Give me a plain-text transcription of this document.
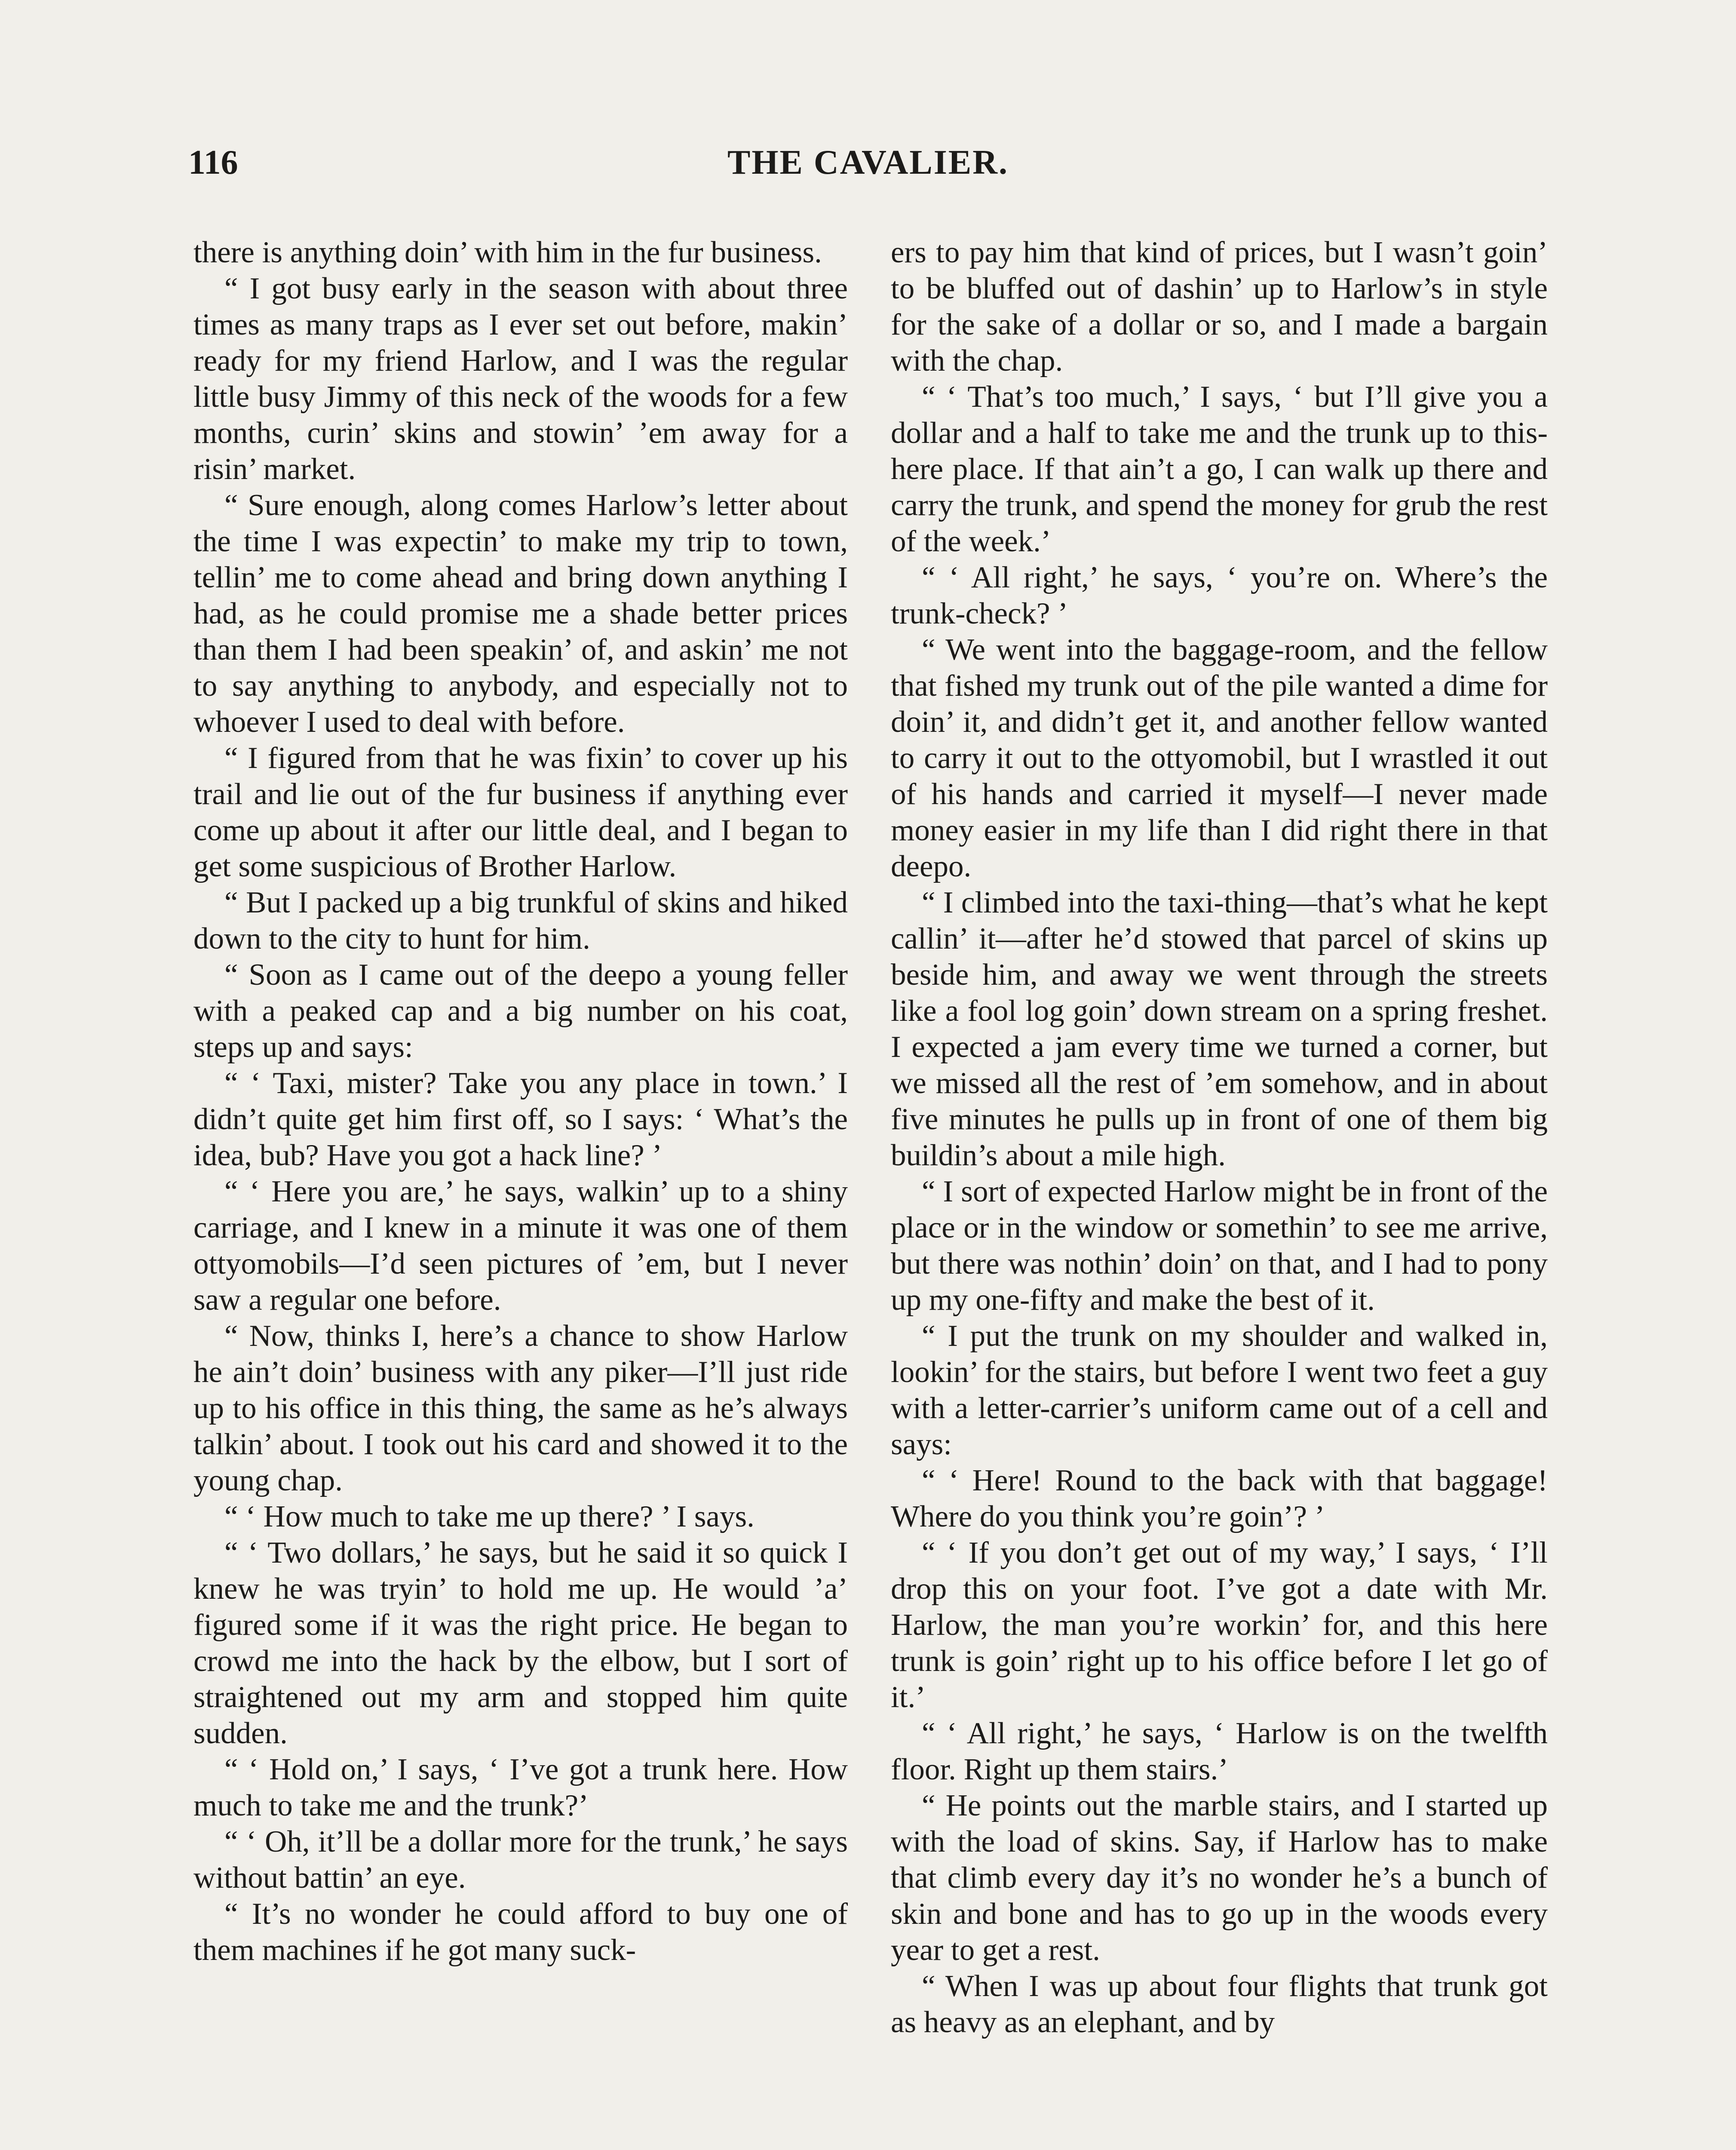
116	THE CAVALIER.

there is anything doin’ with him in the fur business.

“ I got busy early in the season with about three times as many traps as I ever set out before, makin’ ready for my friend Harlow, and I was the regular little busy Jimmy of this neck of the woods for a few months, curin’ skins and stowin’ ’em away for a risin’ market.

“ Sure enough, along comes Harlow’s letter about the time I was expectin’ to make my trip to town, tellin’ me to come ahead and bring down anything I had, as he could promise me a shade better prices than them I had been speakin’ of, and askin’ me not to say anything to anybody, and especially not to whoever I used to deal with before.

“ I figured from that he was fixin’ to cover up his trail and lie out of the fur business if anything ever come up about it after our little deal, and I began to get some suspicious of Brother Harlow.

“ But I packed up a big trunkful of skins and hiked down to the city to hunt for him.

“ Soon as I came out of the deepo a young feller with a peaked cap and a big number on his coat, steps up and says:

“ ‘ Taxi, mister? Take you any place in town.’ I didn’t quite get him first off, so I says: ‘ What’s the idea, bub? Have you got a hack line? ’

“ ‘ Here you are,’ he says, walkin’ up to a shiny carriage, and I knew in a minute it was one of them ottyomobils—I’d seen pictures of ’em, but I never saw a regular one before.

“ Now, thinks I, here’s a chance to show Harlow he ain’t doin’ business with any piker—I’ll just ride up to his office in this thing, the same as he’s always talkin’ about. I took out his card and showed it to the young chap.

“ ‘ How much to take me up there? ’ I says.

“ ‘ Two dollars,’ he says, but he said it so quick I knew he was tryin’ to hold me up. He would ’a’ figured some if it was the right price. He began to crowd me into the hack by the elbow, but I sort of straightened out my arm and stopped him quite sudden.

“ ‘ Hold on,’ I says, ‘ I’ve got a trunk here. How much to take me and the trunk?’

“ ‘ Oh, it’ll be a dollar more for the trunk,’ he says without battin’ an eye.

“ It’s no wonder he could afford to buy one of them machines if he got many suck-

ers to pay him that kind of prices, but I wasn’t goin’ to be bluffed out of dashin’ up to Harlow’s in style for the sake of a dollar or so, and I made a bargain with the chap.

“ ‘ That’s too much,’ I says, ‘ but I’ll give you a dollar and a half to take me and the trunk up to this-here place. If that ain’t a go, I can walk up there and carry the trunk, and spend the money for grub the rest of the week.’

“ ‘ All right,’ he says, ‘ you’re on. Where’s the trunk-check? ’

“ We went into the baggage-room, and the fellow that fished my trunk out of the pile wanted a dime for doin’ it, and didn’t get it, and another fellow wanted to carry it out to the ottyomobil, but I wrastled it out of his hands and carried it myself—I never made money easier in my life than I did right there in that deepo.

“ I climbed into the taxi-thing—that’s what he kept callin’ it—after he’d stowed that parcel of skins up beside him, and away we went through the streets like a fool log goin’ down stream on a spring freshet. I expected a jam every time we turned a corner, but we missed all the rest of ’em somehow, and in about five minutes he pulls up in front of one of them big buildin’s about a mile high.

“ I sort of expected Harlow might be in front of the place or in the window or somethin’ to see me arrive, but there was nothin’ doin’ on that, and I had to pony up my one-fifty and make the best of it.

“ I put the trunk on my shoulder and walked in, lookin’ for the stairs, but before I went two feet a guy with a letter-carrier’s uniform came out of a cell and says:

“ ‘ Here! Round to the back with that baggage! Where do you think you’re goin’? ’

“ ‘ If you don’t get out of my way,’ I says, ‘ I’ll drop this on your foot. I’ve got a date with Mr. Harlow, the man you’re workin’ for, and this here trunk is goin’ right up to his office before I let go of it.’

“ ‘ All right,’ he says, ‘ Harlow is on the twelfth floor. Right up them stairs.’

“ He points out the marble stairs, and I started up with the load of skins. Say, if Harlow has to make that climb every day it’s no wonder he’s a bunch of skin and bone and has to go up in the woods every year to get a rest.

“ When I was up about four flights that trunk got as heavy as an elephant, and by
